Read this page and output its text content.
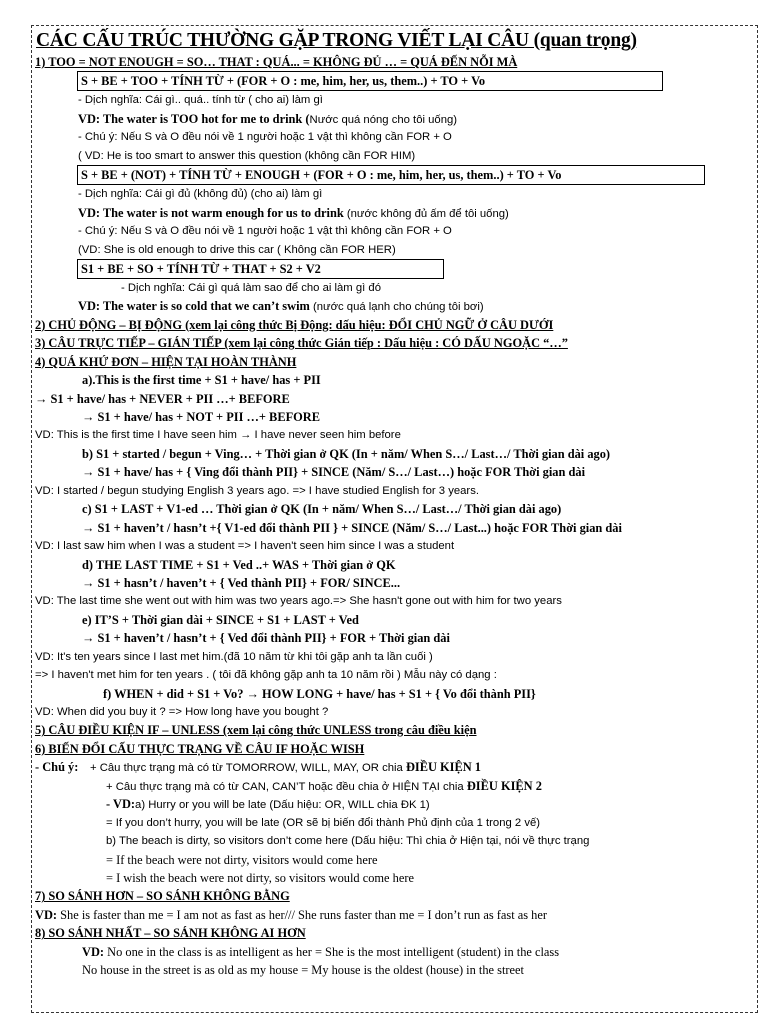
CÁC CẤU TRÚC THƯỜNG GẶP TRONG VIẾT LẠI CÂU (quan trọng)
1) TOO = NOT ENOUGH = SO… THAT : QUÁ... = KHÔNG ĐỦ … = QUÁ ĐẾN NỖI MÀ
S + BE + TOO + TÍNH TỪ + (FOR + O : me, him, her, us, them..) + TO + Vo
- Dịch nghĩa: Cái gì.. quá.. tính từ ( cho ai) làm gì
VD: The water is TOO hot for me to drink (Nước quá nóng cho tôi uống)
- Chú ý: Nếu S và O đều nói về 1 người hoặc 1 vật thì không cần FOR + O
( VD: He is too smart to answer this question (không cần FOR HIM)
S + BE + (NOT) + TÍNH TỪ + ENOUGH + (FOR + O : me, him, her, us, them..) + TO + Vo
- Dịch nghĩa: Cái gì đủ (không đủ) (cho ai) làm gì
VD: The water is not warm enough for us to drink (nước không đủ ấm để tôi uống)
- Chú ý: Nếu S và O đều nói về 1 người hoặc 1 vật thì không cần FOR + O
(VD: She is old enough to drive this car ( Không cần FOR HER)
S1 + BE + SO + TÍNH TỪ + THAT + S2 + V2
- Dịch nghĩa: Cái gì quá làm sao để cho ai làm gì đó
VD: The water is so cold that we can’t swim (nước quá lạnh cho chúng tôi bơi)
2) CHỦ ĐỘNG – BỊ ĐỘNG (xem lại công thức Bị Động: dấu hiệu: ĐỔI CHỦ NGỮ Ở CÂU DƯỚI
3) CÂU TRỰC TIẾP – GIÁN TIẾP (xem lại công thức Gián tiếp : Dấu hiệu : CÓ DẤU NGOẶC “…”
4) QUÁ KHỨ ĐƠN – HIỆN TẠI HOÀN THÀNH
a).This is the first time + S1 + have/ has + PII
→ S1 + have/ has + NEVER + PII …+ BEFORE
→ S1 + have/ has + NOT + PII …+ BEFORE
VD: This is the first time I have seen him → I have never seen him before
b) S1 + started / begun + Ving… + Thời gian ở QK (In + năm/ When S…/ Last…/ Thời gian dài ago)
→ S1 + have/ has + { Ving đổi thành PII} + SINCE (Năm/ S…/ Last…) hoặc FOR Thời gian dài
VD: I started / begun studying English 3 years ago. => I have studied English for 3 years.
c) S1 + LAST + V1-ed … Thời gian ở QK (In + năm/ When S…/ Last…/ Thời gian dài ago)
→ S1 + haven’t / hasn’t +{ V1-ed đổi thành PII } + SINCE (Năm/ S…/ Last...) hoặc FOR Thời gian dài
VD: I last saw him when I was a student => I haven't seen him since I was a student
d) THE LAST TIME + S1 + Ved ..+ WAS + Thời gian ở QK
→ S1 + hasn’t / haven’t + { Ved thành PII} + FOR/ SINCE...
VD: The last time she went out with him was two years ago.=> She hasn't gone out with him for two years
e) IT’S + Thời gian dài + SINCE + S1 + LAST + Ved
→ S1 + haven’t / hasn’t + { Ved đổi thành PII} + FOR + Thời gian dài
VD: It's ten years since I last met him.(đã 10 năm từ khi tôi gặp anh ta lần cuối )
=> I haven't met him for ten years . ( tôi đã không gặp anh ta 10 năm rồi ) Mẫu này có dạng :
f) WHEN + did + S1 + Vo? → HOW LONG + have/ has + S1 + { Vo đổi thành PII}
VD: When did you buy it ? => How long have you bought ?
5) CÂU ĐIỀU KIỆN IF – UNLESS (xem lại công thức UNLESS trong câu điều kiện
6) BIẾN ĐỔI CẤU THỰC TRẠNG VỀ CÂU IF HOẶC WISH
- Chú ý: + Câu thực trạng mà có từ TOMORROW, WILL, MAY, OR chia ĐIỀU KIỆN 1
+ Câu thực trạng mà có từ CAN, CAN’T hoặc đều chia ở HIỆN TẠI chia ĐIỀU KIỆN 2
- VD:a) Hurry or you will be late (Dấu hiệu: OR, WILL chia ĐK 1)
= If you don’t hurry, you will be late (OR sẽ bị biến đổi thành Phủ định của 1 trong 2 vế)
b) The beach is dirty, so visitors don’t come here (Dấu hiệu: Thì chia ở Hiện tại, nói về thực trạng
= If the beach were not dirty, visitors would come here
= I wish the beach were not dirty, so visitors would come here
7) SO SÁNH HƠN – SO SÁNH KHÔNG BẰNG
VD: She is faster than me = I am not as fast as her/// She runs faster than me = I don’t run as fast as her
8) SO SÁNH NHẤT – SO SÁNH KHÔNG AI HƠN
VD: No one in the class is as intelligent as her = She is the most intelligent (student) in the class
No house in the street is as old as my house = My house is the oldest (house) in the street
